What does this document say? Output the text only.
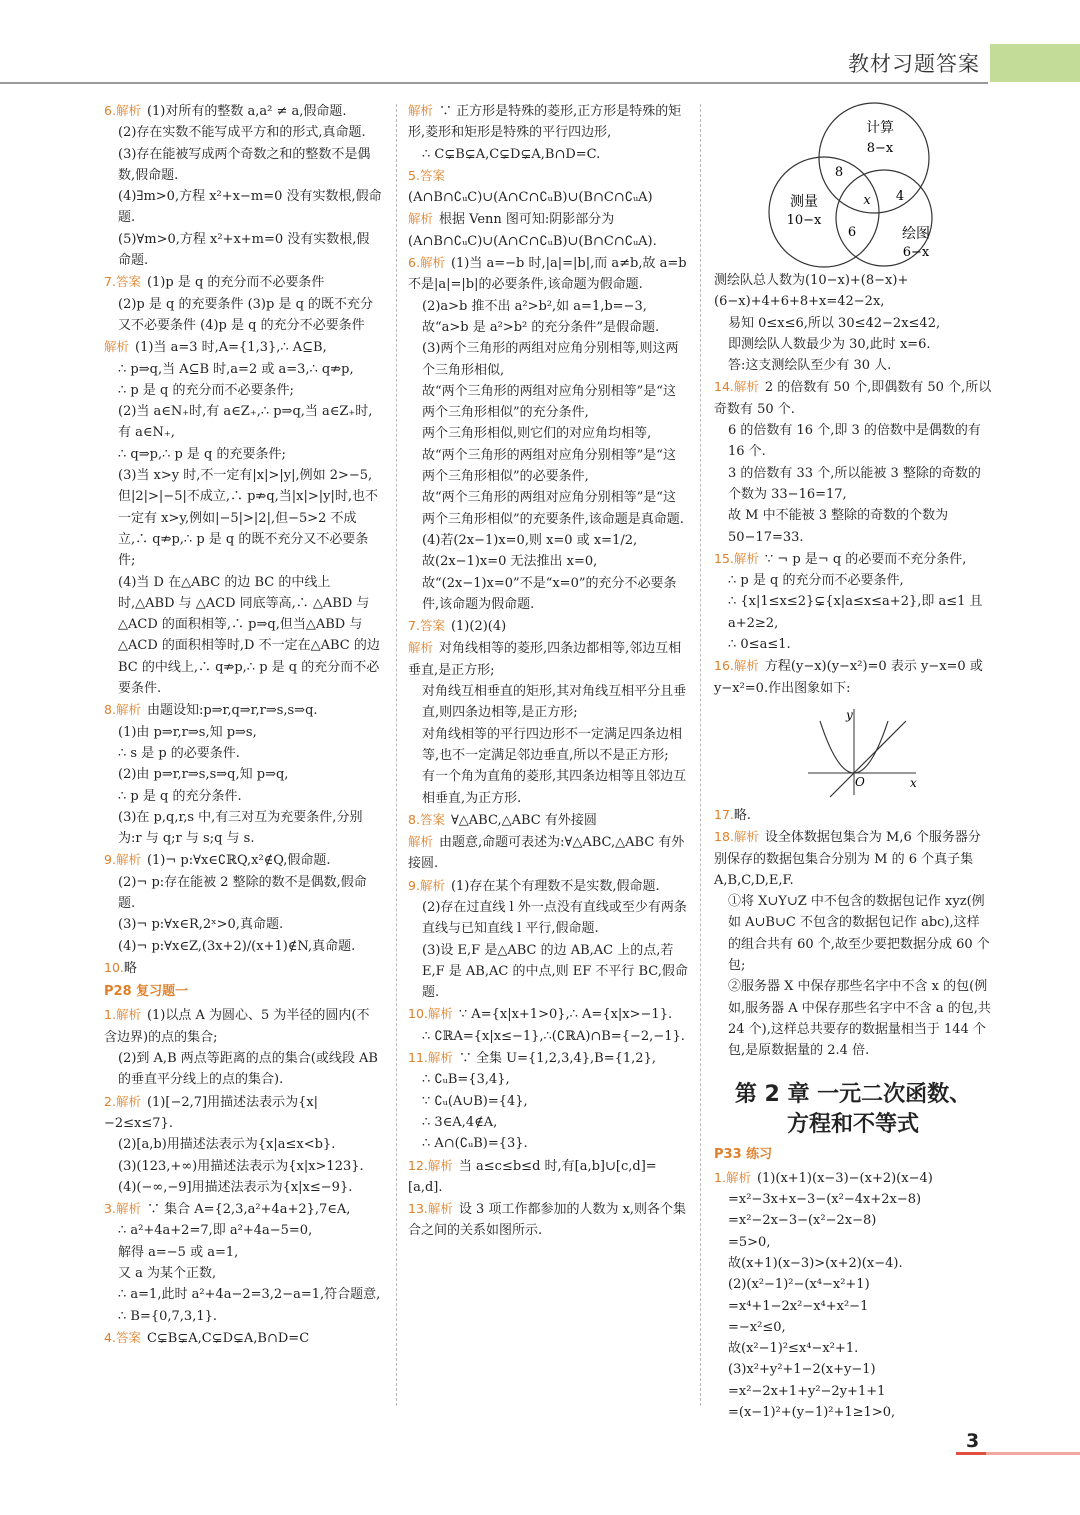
教材习题答案

6.解析 (1)对所有的整数 a,a² ≠ a,假命题.

(2)存在实数不能写成平方和的形式,真命题.

(3)存在能被写成两个奇数之和的整数不是偶数,假命题.

(4)∃m>0,方程 x²+x−m=0 没有实数根,假命题.

(5)∀m>0,方程 x²+x+m=0 没有实数根,假命题.

7.答案 (1)p 是 q 的充分而不必要条件

(2)p 是 q 的充要条件 (3)p 是 q 的既不充分又不必要条件 (4)p 是 q 的充分不必要条件

解析 (1)当 a=3 时,A={1,3},∴ A⊆B,

∴ p⇒q,当 A⊆B 时,a=2 或 a=3,∴ q⇏p,

∴ p 是 q 的充分而不必要条件;

(2)当 a∈N₊时,有 a∈Z₊,∴ p⇒q,当 a∈Z₊时,有 a∈N₊,

∴ q⇒p,∴ p 是 q 的充要条件;

(3)当 x>y 时,不一定有|x|>|y|,例如 2>−5,但|2|>|−5|不成立,∴ p⇏q,当|x|>|y|时,也不一定有 x>y,例如|−5|>|2|,但−5>2 不成立,∴ q⇏p,∴ p 是 q 的既不充分又不必要条件;

(4)当 D 在△ABC 的边 BC 的中线上时,△ABD 与 △ACD 同底等高,∴ △ABD 与△ACD 的面积相等,∴ p⇒q,但当△ABD 与△ACD 的面积相等时,D 不一定在△ABC 的边 BC 的中线上,∴ q⇏p,∴ p 是 q 的充分而不必要条件.

8.解析 由题设知:p⇒r,q⇒r,r⇒s,s⇒q.

(1)由 p⇒r,r⇒s,知 p⇒s,

∴ s 是 p 的必要条件.

(2)由 p⇒r,r⇒s,s⇒q,知 p⇒q,

∴ p 是 q 的充分条件.

(3)在 p,q,r,s 中,有三对互为充要条件,分别为:r 与 q;r 与 s;q 与 s.

9.解析 (1)¬ p:∀x∈∁ℝQ,x²∉Q,假命题.

(2)¬ p:存在能被 2 整除的数不是偶数,假命题.

(3)¬ p:∀x∈R,2ˣ>0,真命题.

(4)¬ p:∀x∈Z,(3x+2)/(x+1)∉N,真命题.

10.略

P28 复习题一

1.解析 (1)以点 A 为圆心、5 为半径的圆内(不含边界)的点的集合;

(2)到 A,B 两点等距离的点的集合(或线段 AB 的垂直平分线上的点的集合).

2.解析 (1)[−2,7]用描述法表示为{x|−2≤x≤7}.

(2)[a,b)用描述法表示为{x|a≤x<b}.

(3)(123,+∞)用描述法表示为{x|x>123}.

(4)(−∞,−9]用描述法表示为{x|x≤−9}.

3.解析 ∵ 集合 A={2,3,a²+4a+2},7∈A,

∴ a²+4a+2=7,即 a²+4a−5=0,

解得 a=−5 或 a=1,

又 a 为某个正数,

∴ a=1,此时 a²+4a−2=3,2−a=1,符合题意,

∴ B={0,7,3,1}.

4.答案 C⊊B⊊A,C⊊D⊊A,B∩D=C

解析 ∵ 正方形是特殊的菱形,正方形是特殊的矩形,菱形和矩形是特殊的平行四边形,

∴ C⊊B⊊A,C⊊D⊊A,B∩D=C.

5.答案(A∩B∩∁ᵤC)∪(A∩C∩∁ᵤB)∪(B∩C∩∁ᵤA)

解析 根据 Venn 图可知:阴影部分为(A∩B∩∁ᵤC)∪(A∩C∩∁ᵤB)∪(B∩C∩∁ᵤA).

6.解析 (1)当 a=−b 时,|a|=|b|,而 a≠b,故 a=b 不是|a|=|b|的必要条件,该命题为假命题.

(2)a>b 推不出 a²>b²,如 a=1,b=−3,故“a>b 是 a²>b² 的充分条件”是假命题.

(3)两个三角形的两组对应角分别相等,则这两个三角形相似,

故“两个三角形的两组对应角分别相等”是“这两个三角形相似”的充分条件,

两个三角形相似,则它们的对应角均相等,

故“两个三角形的两组对应角分别相等”是“这两个三角形相似”的必要条件,

故“两个三角形的两组对应角分别相等”是“这两个三角形相似”的充要条件,该命题是真命题.

(4)若(2x−1)x=0,则 x=0 或 x=1/2,

故(2x−1)x=0 无法推出 x=0,

故“(2x−1)x=0”不是“x=0”的充分不必要条件,该命题为假命题.

7.答案 (1)(2)(4)

解析 对角线相等的菱形,四条边都相等,邻边互相垂直,是正方形;

对角线互相垂直的矩形,其对角线互相平分且垂直,则四条边相等,是正方形;

对角线相等的平行四边形不一定满足四条边相等,也不一定满足邻边垂直,所以不是正方形;

有一个角为直角的菱形,其四条边相等且邻边互相垂直,为正方形.

8.答案 ∀△ABC,△ABC 有外接圆

解析 由题意,命题可表述为:∀△ABC,△ABC 有外接圆.

9.解析 (1)存在某个有理数不是实数,假命题.

(2)存在过直线 l 外一点没有直线或至少有两条直线与已知直线 l 平行,假命题.

(3)设 E,F 是△ABC 的边 AB,AC 上的点,若 E,F 是 AB,AC 的中点,则 EF 不平行 BC,假命题.

10.解析 ∵ A={x|x+1>0},∴ A={x|x>−1}.

∴ ∁ℝA={x|x≤−1},∴(∁ℝA)∩B={−2,−1}.

11.解析 ∵ 全集 U={1,2,3,4},B={1,2},

∴ ∁ᵤB={3,4},

∵ ∁ᵤ(A∪B)={4},

∴ 3∈A,4∉A,

∴ A∩(∁ᵤB)={3}.

12.解析 当 a≤c≤b≤d 时,有[a,b]∪[c,d]=[a,d].

13.解析 设 3 项工作都参加的人数为 x,则各个集合之间的关系如图所示.

计算
8−x
测量
10−x
绘图
6−x
8
4
6
x

测绘队总人数为(10−x)+(8−x)+(6−x)+4+6+8+x=42−2x,

易知 0≤x≤6,所以 30≤42−2x≤42,

即测绘队人数最少为 30,此时 x=6.

答:这支测绘队至少有 30 人.

14.解析 2 的倍数有 50 个,即偶数有 50 个,所以奇数有 50 个.

6 的倍数有 16 个,即 3 的倍数中是偶数的有 16 个.

3 的倍数有 33 个,所以能被 3 整除的奇数的个数为 33−16=17,

故 M 中不能被 3 整除的奇数的个数为 50−17=33.

15.解析 ∵ ¬ p 是¬ q 的必要而不充分条件,

∴ p 是 q 的充分而不必要条件,

∴ {x|1≤x≤2}⊊{x|a≤x≤a+2},即 a≤1 且 a+2≥2,

∴ 0≤a≤1.

16.解析 方程(y−x)(y−x²)=0 表示 y−x=0 或 y−x²=0.作出图象如下:

y
x
O

17.略.

18.解析 设全体数据包集合为 M,6 个服务器分别保存的数据包集合分别为 M 的 6 个真子集 A,B,C,D,E,F.

①将 X∪Y∪Z 中不包含的数据包记作 xyz(例如 A∪B∪C 不包含的数据包记作 abc),这样的组合共有 60 个,故至少要把数据分成 60 个包;

②服务器 X 中保存那些名字中不含 x 的包(例如,服务器 A 中保存那些名字中不含 a 的包,共 24 个),这样总共要存的数据量相当于 144 个包,是原数据量的 2.4 倍.

第 2 章 一元二次函数、
方程和不等式
P33 练习

1.解析 (1)(x+1)(x−3)−(x+2)(x−4)

=x²−3x+x−3−(x²−4x+2x−8)

=x²−2x−3−(x²−2x−8)

=5>0,

故(x+1)(x−3)>(x+2)(x−4).

(2)(x²−1)²−(x⁴−x²+1)

=x⁴+1−2x²−x⁴+x²−1

=−x²≤0,

故(x²−1)²≤x⁴−x²+1.

(3)x²+y²+1−2(x+y−1)

=x²−2x+1+y²−2y+1+1

=(x−1)²+(y−1)²+1≥1>0,

3
